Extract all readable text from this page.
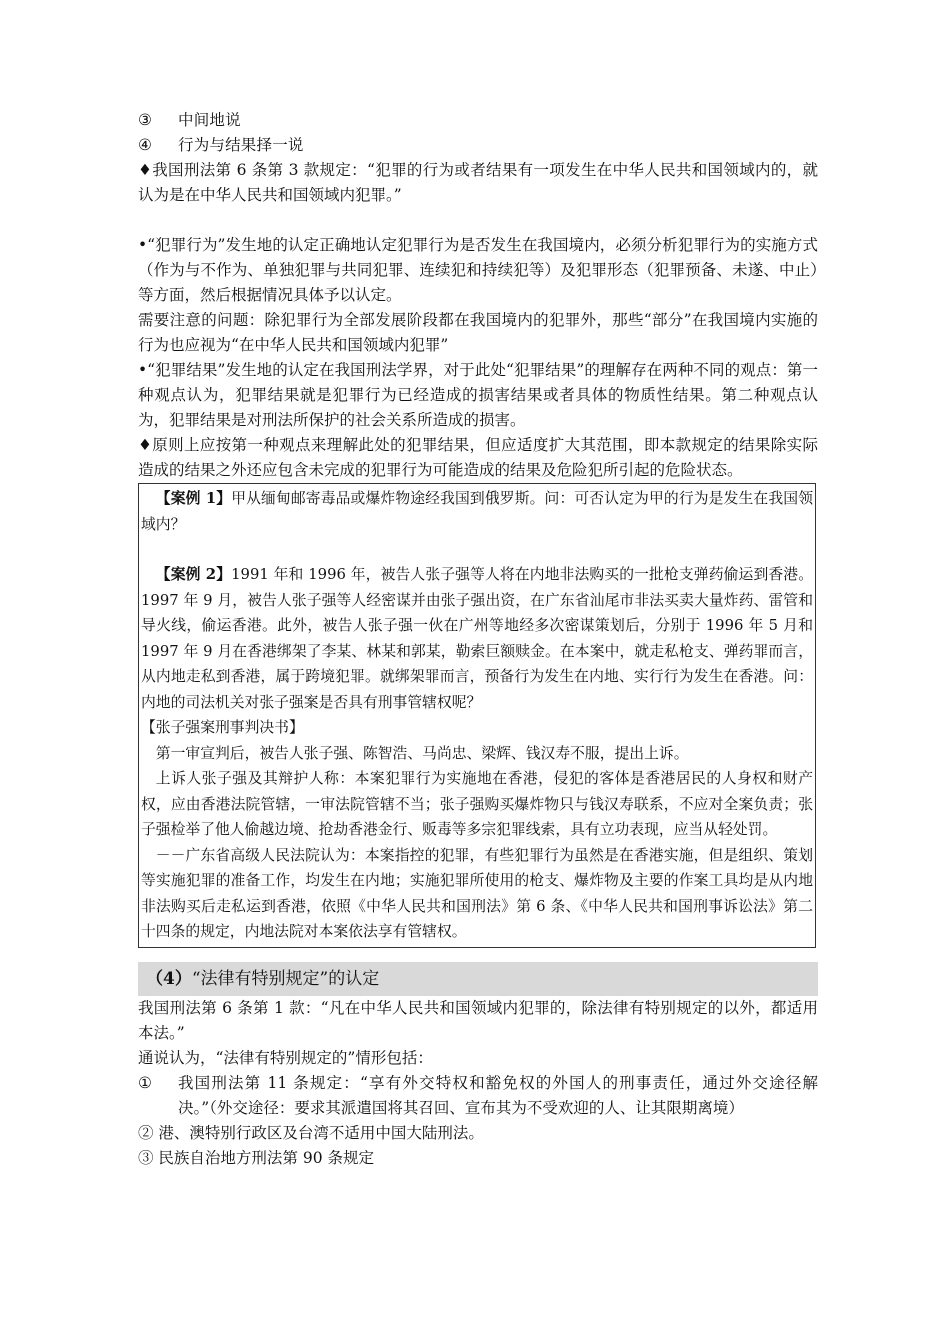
③	中间地说
④	行为与结果择一说
♦我国刑法第 6 条第 3 款规定：“犯罪的行为或者结果有一项发生在中华人民共和国领域内的，就认为是在中华人民共和国领域内犯罪。”
•“犯罪行为”发生地的认定正确地认定犯罪行为是否发生在我国境内，必须分析犯罪行为的实施方式（作为与不作为、单独犯罪与共同犯罪、连续犯和持续犯等）及犯罪形态（犯罪预备、未遂、中止）等方面，然后根据情况具体予以认定。
需要注意的问题：除犯罪行为全部发展阶段都在我国境内的犯罪外，那些“部分”在我国境内实施的行为也应视为“在中华人民共和国领域内犯罪”
•“犯罪结果”发生地的认定在我国刑法学界，对于此处“犯罪结果”的理解存在两种不同的观点：第一种观点认为，犯罪结果就是犯罪行为已经造成的损害结果或者具体的物质性结果。第二种观点认为，犯罪结果是对刑法所保护的社会关系所造成的损害。
♦原则上应按第一种观点来理解此处的犯罪结果，但应适度扩大其范围，即本款规定的结果除实际造成的结果之外还应包含未完成的犯罪行为可能造成的结果及危险犯所引起的危险状态。
【案例 1】甲从缅甸邮寄毒品或爆炸物途经我国到俄罗斯。问：可否认定为甲的行为是发生在我国领域内？
【案例 2】1991 年和 1996 年，被告人张子强等人将在内地非法购买的一批枪支弹药偷运到香港。1997 年 9 月，被告人张子强等人经密谋并由张子强出资，在广东省汕尾市非法买卖大量炸药、雷管和导火线，偷运香港。此外，被告人张子强一伙在广州等地经多次密谋策划后，分别于 1996 年 5 月和 1997 年 9 月在香港绑架了李某、林某和郭某，勒索巨额赎金。在本案中，就走私枪支、弹药罪而言，从内地走私到香港，属于跨境犯罪。就绑架罪而言，预备行为发生在内地、实行行为发生在香港。问：内地的司法机关对张子强案是否具有刑事管辖权呢？
【张子强案刑事判决书】
第一审宣判后，被告人张子强、陈智浩、马尚忠、梁辉、钱汉寿不服，提出上诉。
上诉人张子强及其辩护人称：本案犯罪行为实施地在香港，侵犯的客体是香港居民的人身权和财产权，应由香港法院管辖，一审法院管辖不当；张子强购买爆炸物只与钱汉寿联系，不应对全案负责；张子强检举了他人偷越边境、抢劫香港金行、贩毒等多宗犯罪线索，具有立功表现，应当从轻处罚。
－－广东省高级人民法院认为：本案指控的犯罪，有些犯罪行为虽然是在香港实施，但是组织、策划等实施犯罪的准备工作，均发生在内地；实施犯罪所使用的枪支、爆炸物及主要的作案工具均是从内地非法购买后走私运到香港，依照《中华人民共和国刑法》第 6 条、《中华人民共和国刑事诉讼法》第二十四条的规定，内地法院对本案依法享有管辖权。
（4）“法律有特别规定”的认定
我国刑法第 6 条第 1 款：“凡在中华人民共和国领域内犯罪的，除法律有特别规定的以外，都适用本法。”
通说认为，“法律有特别规定的”情形包括：
①	我国刑法第 11 条规定：“享有外交特权和豁免权的外国人的刑事责任，通过外交途径解决。”（外交途径：要求其派遣国将其召回、宣布其为不受欢迎的人、让其限期离境）
② 港、澳特别行政区及台湾不适用中国大陆刑法。
③ 民族自治地方刑法第 90 条规定
